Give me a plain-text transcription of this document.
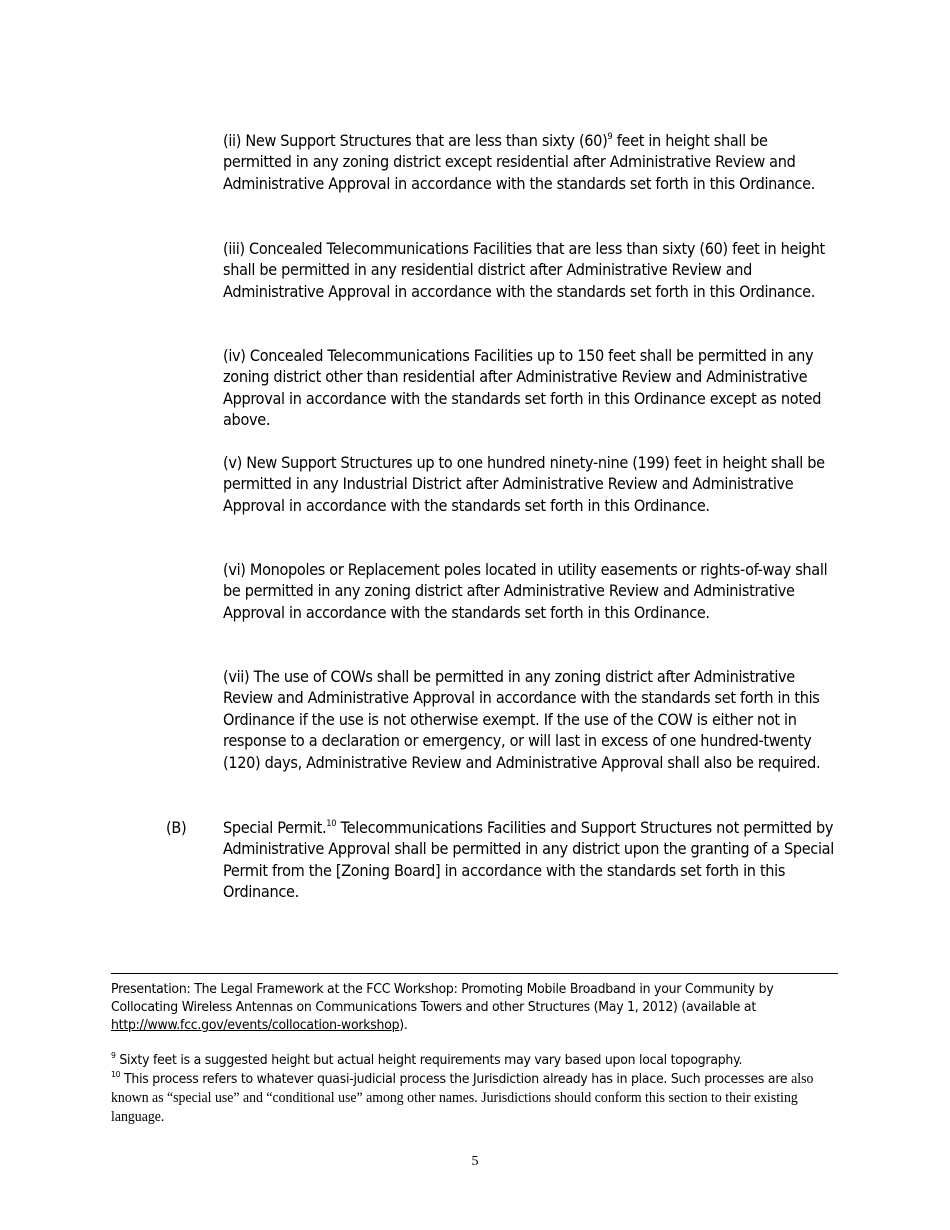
(ii) New Support Structures that are less than sixty $(60)^9$ feet in height shall be permitted in any zoning district except residential after Administrative Review and Administrative Approval in accordance with the standards set forth in this Ordinance.
(iii) Concealed Telecommunications Facilities that are less than sixty (60) feet in height shall be permitted in any residential district after Administrative Review and Administrative Approval in accordance with the standards set forth in this Ordinance.
(iv) Concealed Telecommunications Facilities up to 150 feet shall be permitted in any zoning district other than residential after Administrative Review and Administrative Approval in accordance with the standards set forth in this Ordinance except as noted above.
(v) New Support Structures up to one hundred ninety-nine (199) feet in height shall be permitted in any Industrial District after Administrative Review and Administrative Approval in accordance with the standards set forth in this Ordinance.
(vi) Monopoles or Replacement poles located in utility easements or rights-of-way shall be permitted in any zoning district after Administrative Review and Administrative Approval in accordance with the standards set forth in this Ordinance.
(vii) The use of COWs shall be permitted in any zoning district after Administrative Review and Administrative Approval in accordance with the standards set forth in this Ordinance if the use is not otherwise exempt. If the use of the COW is either not in response to a declaration or emergency, or will last in excess of one hundred-twenty (120) days, Administrative Review and Administrative Approval shall also be required.
(B) Special Permit.$^{10}$ Telecommunications Facilities and Support Structures not permitted by Administrative Approval shall be permitted in any district upon the granting of a Special Permit from the [Zoning Board] in accordance with the standards set forth in this Ordinance.
Presentation: The Legal Framework at the FCC Workshop: Promoting Mobile Broadband in your Community by Collocating Wireless Antennas on Communications Towers and other Structures (May 1, 2012) (available at http://www.fcc.gov/events/collocation-workshop).
$^9$ Sixty feet is a suggested height but actual height requirements may vary based upon local topography.
$^{10}$ This process refers to whatever quasi-judicial process the Jurisdiction already has in place. Such processes are also known as “special use” and “conditional use” among other names. Jurisdictions should conform this section to their existing language.
5
